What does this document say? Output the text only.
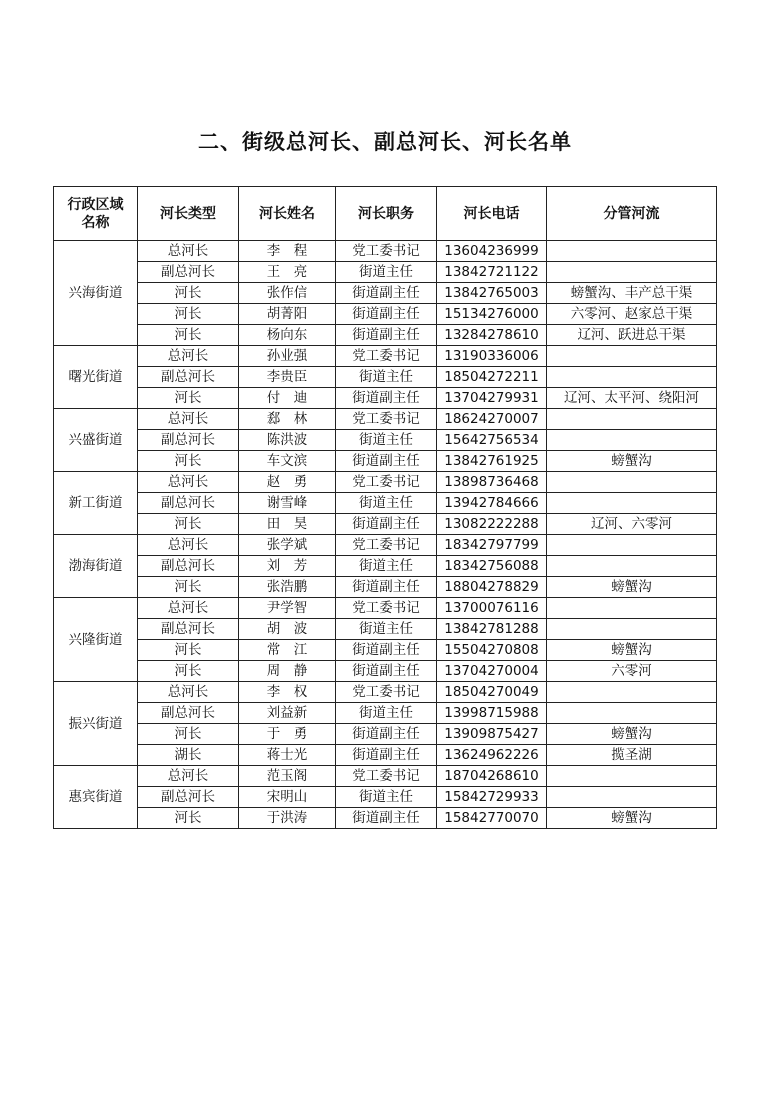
二、街级总河长、副总河长、河长名单
行政区域
名称	河长类型	河长姓名	河长职务	河长电话	分管河流
兴海街道	总河长	李　程	党工委书记	13604236999	
	副总河长	王　亮	街道主任	13842721122	
	河长	张作信	街道副主任	13842765003	螃蟹沟、丰产总干渠
	河长	胡菁阳	街道副主任	15134276000	六零河、赵家总干渠
	河长	杨向东	街道副主任	13284278610	辽河、跃进总干渠
曙光街道	总河长	孙业强	党工委书记	13190336006	
	副总河长	李贵臣	街道主任	18504272211	
	河长	付　迪	街道副主任	13704279931	辽河、太平河、绕阳河
兴盛街道	总河长	郄　林	党工委书记	18624270007	
	副总河长	陈洪波	街道主任	15642756534	
	河长	车文滨	街道副主任	13842761925	螃蟹沟
新工街道	总河长	赵　勇	党工委书记	13898736468	
	副总河长	谢雪峰	街道主任	13942784666	
	河长	田　昊	街道副主任	13082222288	辽河、六零河
渤海街道	总河长	张学斌	党工委书记	18342797799	
	副总河长	刘　芳	街道主任	18342756088	
	河长	张浩鹏	街道副主任	18804278829	螃蟹沟
兴隆街道	总河长	尹学智	党工委书记	13700076116	
	副总河长	胡　波	街道主任	13842781288	
	河长	常　江	街道副主任	15504270808	螃蟹沟
	河长	周　静	街道副主任	13704270004	六零河
振兴街道	总河长	李　权	党工委书记	18504270049	
	副总河长	刘益新	街道主任	13998715988	
	河长	于　勇	街道副主任	13909875427	螃蟹沟
	湖长	蒋士光	街道副主任	13624962226	揽圣湖
惠宾街道	总河长	范玉阁	党工委书记	18704268610	
	副总河长	宋明山	街道主任	15842729933	
	河长	于洪涛	街道副主任	15842770070	螃蟹沟
